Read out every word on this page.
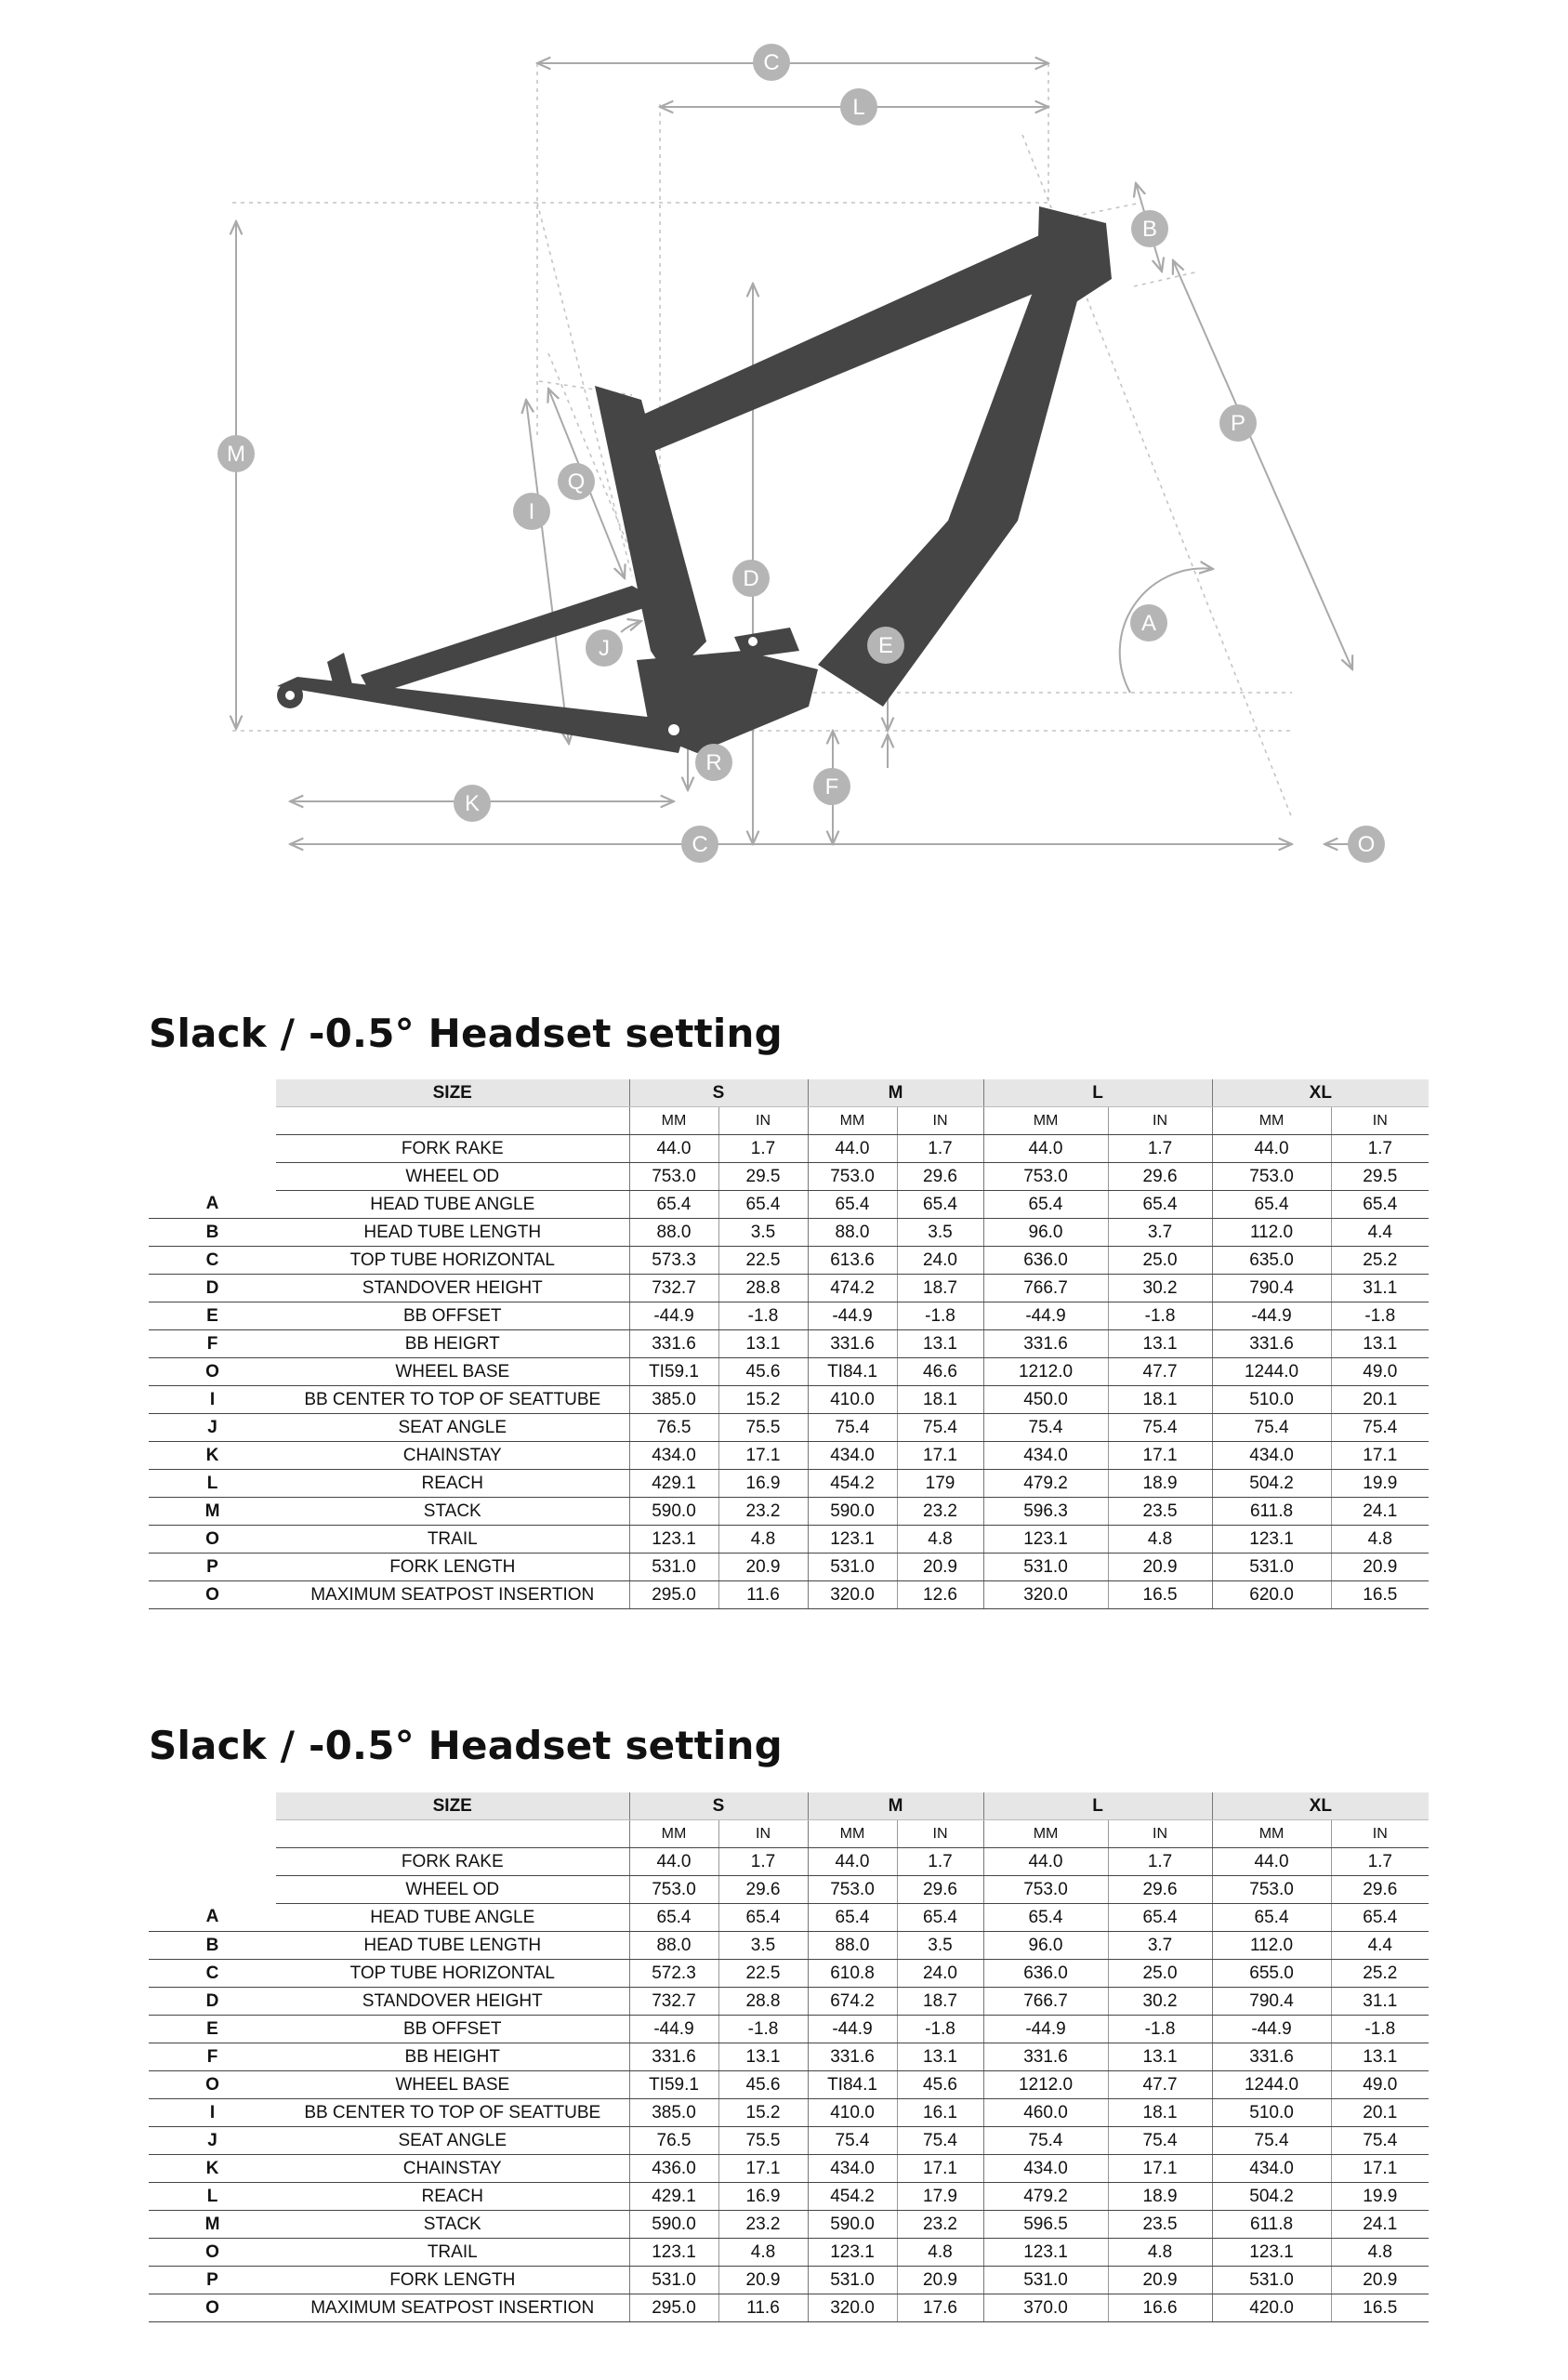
C
L
B
M
P
Q
I
D
A
J	E
R
F
K
C	O
Slack / -0.5° Headset setting
	SIZE	S		M		L		XL	
		MM	IN	MM	IN	MM	IN	MM	IN
	FORK RAKE	44.0	1.7	44.0	1.7	44.0	1.7	44.0	1.7
	WHEEL OD	753.0	29.5	753.0	29.6	753.0	29.6	753.0	29.5
A	HEAD TUBE ANGLE	65.4	65.4	65.4	65.4	65.4	65.4	65.4	65.4
B	HEAD TUBE LENGTH	88.0	3.5	88.0	3.5	96.0	3.7	112.0	4.4
C	TOP TUBE HORIZONTAL	573.3	22.5	613.6	24.0	636.0	25.0	635.0	25.2
D	STANDOVER HEIGHT	732.7	28.8	474.2	18.7	766.7	30.2	790.4	31.1
E	BB OFFSET	-44.9	-1.8	-44.9	-1.8	-44.9	-1.8	-44.9	-1.8
F	BB HEIGRT	331.6	13.1	331.6	13.1	331.6	13.1	331.6	13.1
O	WHEEL BASE	TI59.1	45.6	TI84.1	46.6	1212.0	47.7	1244.0	49.0
I	BB CENTER TO TOP OF SEATTUBE	385.0	15.2	410.0	18.1	450.0	18.1	510.0	20.1
J	SEAT ANGLE	76.5	75.5	75.4	75.4	75.4	75.4	75.4	75.4
K	CHAINSTAY	434.0	17.1	434.0	17.1	434.0	17.1	434.0	17.1
L	REACH	429.1	16.9	454.2	179	479.2	18.9	504.2	19.9
M	STACK	590.0	23.2	590.0	23.2	596.3	23.5	611.8	24.1
O	TRAIL	123.1	4.8	123.1	4.8	123.1	4.8	123.1	4.8
P	FORK LENGTH	531.0	20.9	531.0	20.9	531.0	20.9	531.0	20.9
O	MAXIMUM SEATPOST INSERTION	295.0	11.6	320.0	12.6	320.0	16.5	620.0	16.5
Slack / -0.5° Headset setting
	SIZE	S		M		L		XL	
		MM	IN	MM	IN	MM	IN	MM	IN
	FORK RAKE	44.0	1.7	44.0	1.7	44.0	1.7	44.0	1.7
	WHEEL OD	753.0	29.6	753.0	29.6	753.0	29.6	753.0	29.6
A	HEAD TUBE ANGLE	65.4	65.4	65.4	65.4	65.4	65.4	65.4	65.4
B	HEAD TUBE LENGTH	88.0	3.5	88.0	3.5	96.0	3.7	112.0	4.4
C	TOP TUBE HORIZONTAL	572.3	22.5	610.8	24.0	636.0	25.0	655.0	25.2
D	STANDOVER HEIGHT	732.7	28.8	674.2	18.7	766.7	30.2	790.4	31.1
E	BB OFFSET	-44.9	-1.8	-44.9	-1.8	-44.9	-1.8	-44.9	-1.8
F	BB HEIGHT	331.6	13.1	331.6	13.1	331.6	13.1	331.6	13.1
O	WHEEL BASE	TI59.1	45.6	TI84.1	45.6	1212.0	47.7	1244.0	49.0
I	BB CENTER TO TOP OF SEATTUBE	385.0	15.2	410.0	16.1	460.0	18.1	510.0	20.1
J	SEAT ANGLE	76.5	75.5	75.4	75.4	75.4	75.4	75.4	75.4
K	CHAINSTAY	436.0	17.1	434.0	17.1	434.0	17.1	434.0	17.1
L	REACH	429.1	16.9	454.2	17.9	479.2	18.9	504.2	19.9
M	STACK	590.0	23.2	590.0	23.2	596.5	23.5	611.8	24.1
O	TRAIL	123.1	4.8	123.1	4.8	123.1	4.8	123.1	4.8
P	FORK LENGTH	531.0	20.9	531.0	20.9	531.0	20.9	531.0	20.9
O	MAXIMUM SEATPOST INSERTION	295.0	11.6	320.0	17.6	370.0	16.6	420.0	16.5
